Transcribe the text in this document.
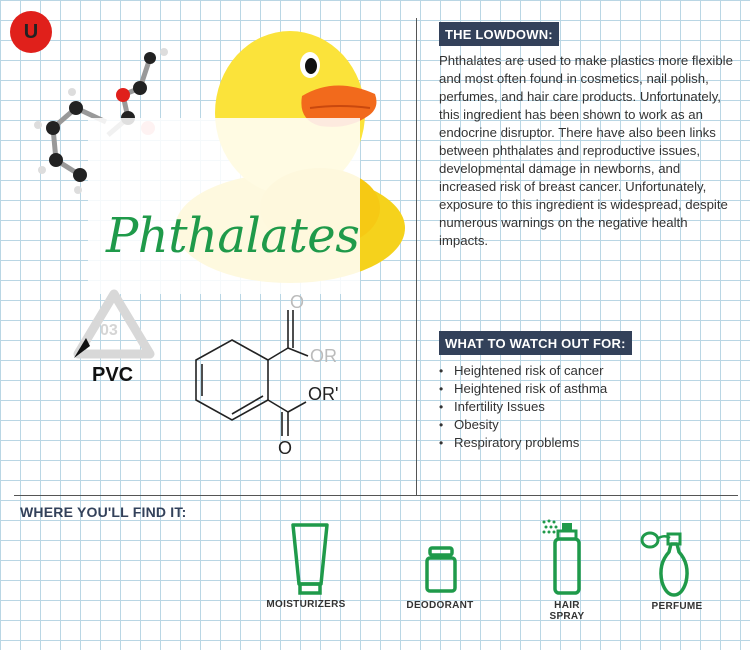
U
Phthalates
03
PVC
O
OR
OR'
O
THE LOWDOWN:
Phthalates are used to make plastics more flexible and most often found in cosmetics, nail polish, perfumes, and hair care products. Unfortunately, this ingredient has been shown to work as an endocrine disruptor. There have also been links between phthalates and reproductive issues, developmental damage in newborns, and increased risk of breast cancer. Unfortunately, exposure to this ingredient is widespread, despite numerous warnings on the negative health impacts.
WHAT TO WATCH OUT FOR:
• Heightened risk of cancer
• Heightened risk of asthma
• Infertility Issues
• Obesity
• Respiratory problems
WHERE YOU'LL FIND IT:
MOISTURIZERS	DEODORANT	HAIR SPRAY
PERFUME
